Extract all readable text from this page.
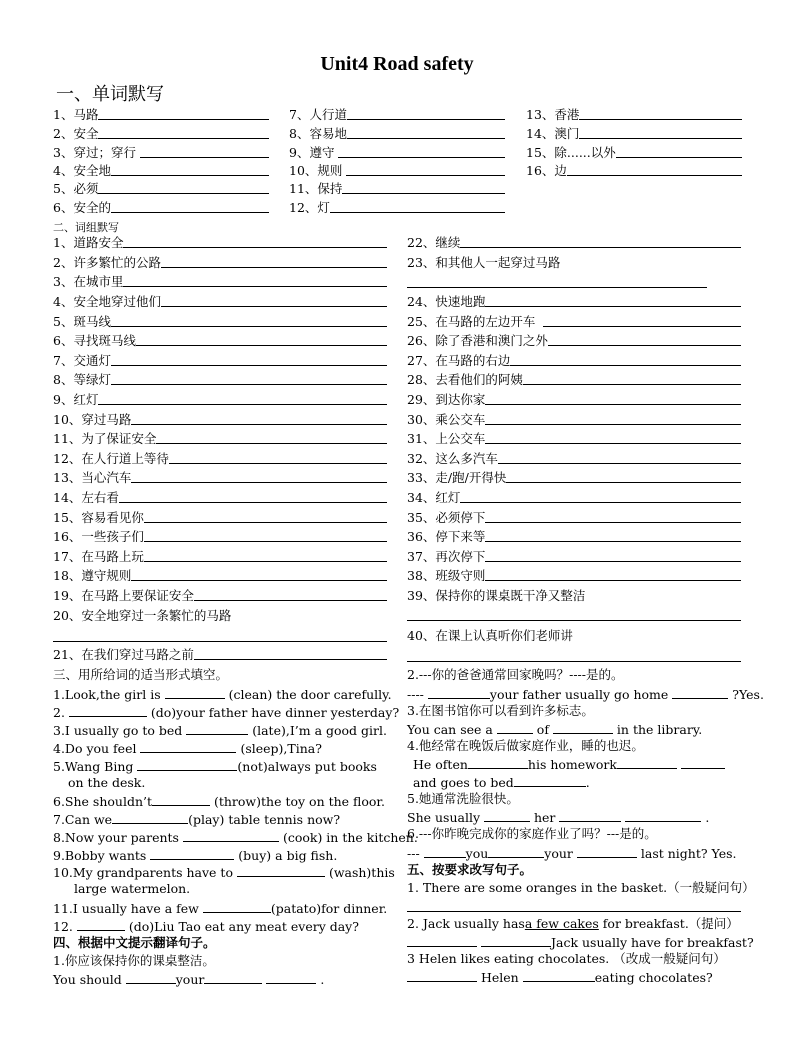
Unit4 Road safety
一、单词默写
1、马路
2、安全
3、穿过；穿行
4、安全地
5、必须
6、安全的
7、人行道
8、容易地
9、遵守
10、规则
11、保持
12、灯
13、香港
14、澳门
15、除......以外
16、边
二、词组默写
1、道路安全
2、许多繁忙的公路
3、在城市里
4、安全地穿过他们
5、斑马线
6、寻找斑马线
7、交通灯
8、等绿灯
9、红灯
10、穿过马路
11、为了保证安全
12、在人行道上等待
13、当心汽车
14、左右看
15、容易看见你
16、一些孩子们
17、在马路上玩
18、遵守规则
19、在马路上要保证安全
20、安全地穿过一条繁忙的马路
21、在我们穿过马路之前
22、继续
23、和其他人一起穿过马路
24、快速地跑
25、在马路的左边开车
26、除了香港和澳门之外
27、在马路的右边
28、去看他们的阿姨
29、到达你家
30、乘公交车
31、上公交车
32、这么多汽车
33、走/跑/开得快
34、红灯
35、必须停下
36、停下来等
37、再次停下
38、班级守则
39、保持你的课桌既干净又整洁
40、在课上认真听你们老师讲
三、用所给词的适当形式填空。
1.Look,the girl is	(clean) the door carefully.
2.	(do)your father have dinner yesterday?
3.I usually go to bed	(late),I’m a good girl.
4.Do you feel	(sleep),Tina?
5.Wang Bing	(not)always put books
on the desk.
6.She shouldn’t	(throw)the toy on the floor.
7.Can we	(play) table tennis now?
8.Now your parents	(cook) in the kitchen.
9.Bobby wants	(buy) a big fish.
10.My grandparents have to	(wash)this
large watermelon.
11.I usually have a few	(patato)for dinner.
12.	(do)Liu Tao eat any meat every day?
四、根据中文提示翻译句子。
1.你应该保持你的课桌整洁。
You should	your	.
2.---你的爸爸通常回家晚吗？----是的。
----	your father usually go home	?Yes.
3.在图书馆你可以看到许多标志。
You can see a	of	in the library.
4.他经常在晚饭后做家庭作业，睡的也迟。
He often	his homework
and goes to bed	.
5.她通常洗脸很快。
She usually	her	.
6.---你昨晚完成你的家庭作业了吗？---是的。
---	you	your	last night? Yes.
五、按要求改写句子。
1. There are some oranges in the basket.（一般疑问句）
2. Jack usually hasa few cakes for breakfast.（提问）
Jack usually have for breakfast?
3 Helen likes eating chocolates. （改成一般疑问句）
Helen	eating chocolates?
